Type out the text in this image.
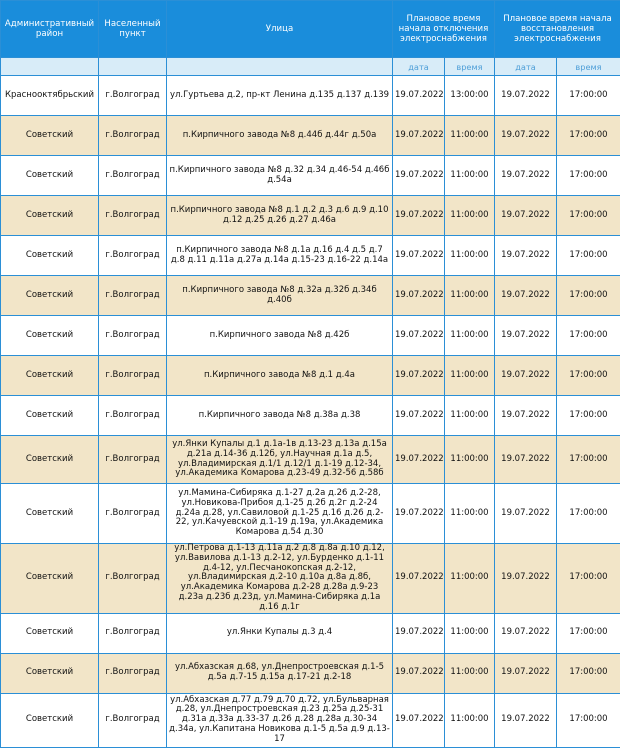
Административный район	Населенный пункт	Улица	Плановое время начала отключения электроснабжения		Плановое время начала восстановления электроснабжения	
			дата	время	дата	время
Краснооктябрьский	г.Волгоград	ул.Гуртьева д.2, пр-кт Ленина д.135 д.137 д.139	19.07.2022	13:00:00	19.07.2022	17:00:00
Советский	г.Волгоград	п.Кирпичного завода №8 д.44б д.44г д.50а	19.07.2022	11:00:00	19.07.2022	17:00:00
Советский	г.Волгоград	п.Кирпичного завода №8 д.32 д.34 д.46-54 д.46б д.54а	19.07.2022	11:00:00	19.07.2022	17:00:00
Советский	г.Волгоград	п.Кирпичного завода №8 д.1 д.2 д.3 д.6 д.9 д.10 д.12 д.25 д.26 д.27 д.46а	19.07.2022	11:00:00	19.07.2022	17:00:00
Советский	г.Волгоград	п.Кирпичного завода №8 д.1а д.16 д.4 д.5 д.7 д.8 д.11 д.11а д.27а д.14а д.15-23 д.16-22 д.14а	19.07.2022	11:00:00	19.07.2022	17:00:00
Советский	г.Волгоград	п.Кирпичного завода №8 д.32а д.32б д.34б д.40б	19.07.2022	11:00:00	19.07.2022	17:00:00
Советский	г.Волгоград	п.Кирпичного завода №8 д.42б	19.07.2022	11:00:00	19.07.2022	17:00:00
Советский	г.Волгоград	п.Кирпичного завода №8 д.1 д.4а	19.07.2022	11:00:00	19.07.2022	17:00:00
Советский	г.Волгоград	п.Кирпичного завода №8 д.38а д.38	19.07.2022	11:00:00	19.07.2022	17:00:00
Советский	г.Волгоград	ул.Янки Купалы д.1 д.1а-1в д.13-23 д.13а д.15а д.21а д.14-36 д.12б, ул.Научная д.1а д.5, ул.Владимирская д.1/1 д.12/1 д.1-19 д.12-34, ул.Академика Комарова д.23-49 д.32-56 д.58б	19.07.2022	11:00:00	19.07.2022	17:00:00
Советский	г.Волгоград	ул.Мамина-Сибиряка д.1-27 д.2а д.26 д.2-28, ул.Новикова-Прибоя д.1-25 д.2б д.2г д.2-24 д.24а д.28, ул.Савиловой д.1-25 д.16 д.26 д.2-22, ул.Качуевской д.1-19 д.19а, ул.Академика Комарова д.54 д.30	19.07.2022	11:00:00	19.07.2022	17:00:00
Советский	г.Волгоград	ул.Петрова д.1-13 д.11а д.2 д.8 д.8а д.10 д.12, ул.Вавилова д.1-13 д.2-12, ул.Бурденко д.1-11 д.4-12, ул.Песчанокопская д.2-12, ул.Владимирская д.2-10 д.10а д.8а д.8б, ул.Академика Комарова д.2-28 д.28а д.9-23 д.23а д.23б д.23д, ул.Мамина-Сибиряка д.1а д.16 д.1г	19.07.2022	11:00:00	19.07.2022	17:00:00
Советский	г.Волгоград	ул.Янки Купалы д.3 д.4	19.07.2022	11:00:00	19.07.2022	17:00:00
Советский	г.Волгоград	ул.Абхазская д.68, ул.Днепростроевская д.1-5 д.5а д.7-15 д.15а д.17-21 д.2-18	19.07.2022	11:00:00	19.07.2022	17:00:00
Советский	г.Волгоград	ул.Абхазская д.77 д.79 д.70 д.72, ул.Бульварная д.28, ул.Днепростроевская д.23 д.25а д.25-31 д.31а д.33а д.33-37 д.26 д.28 д.28а д.30-34 д.34а, ул.Капитана Новикова д.1-5 д.5а д.9 д.13-17	19.07.2022	11:00:00	19.07.2022	17:00:00
